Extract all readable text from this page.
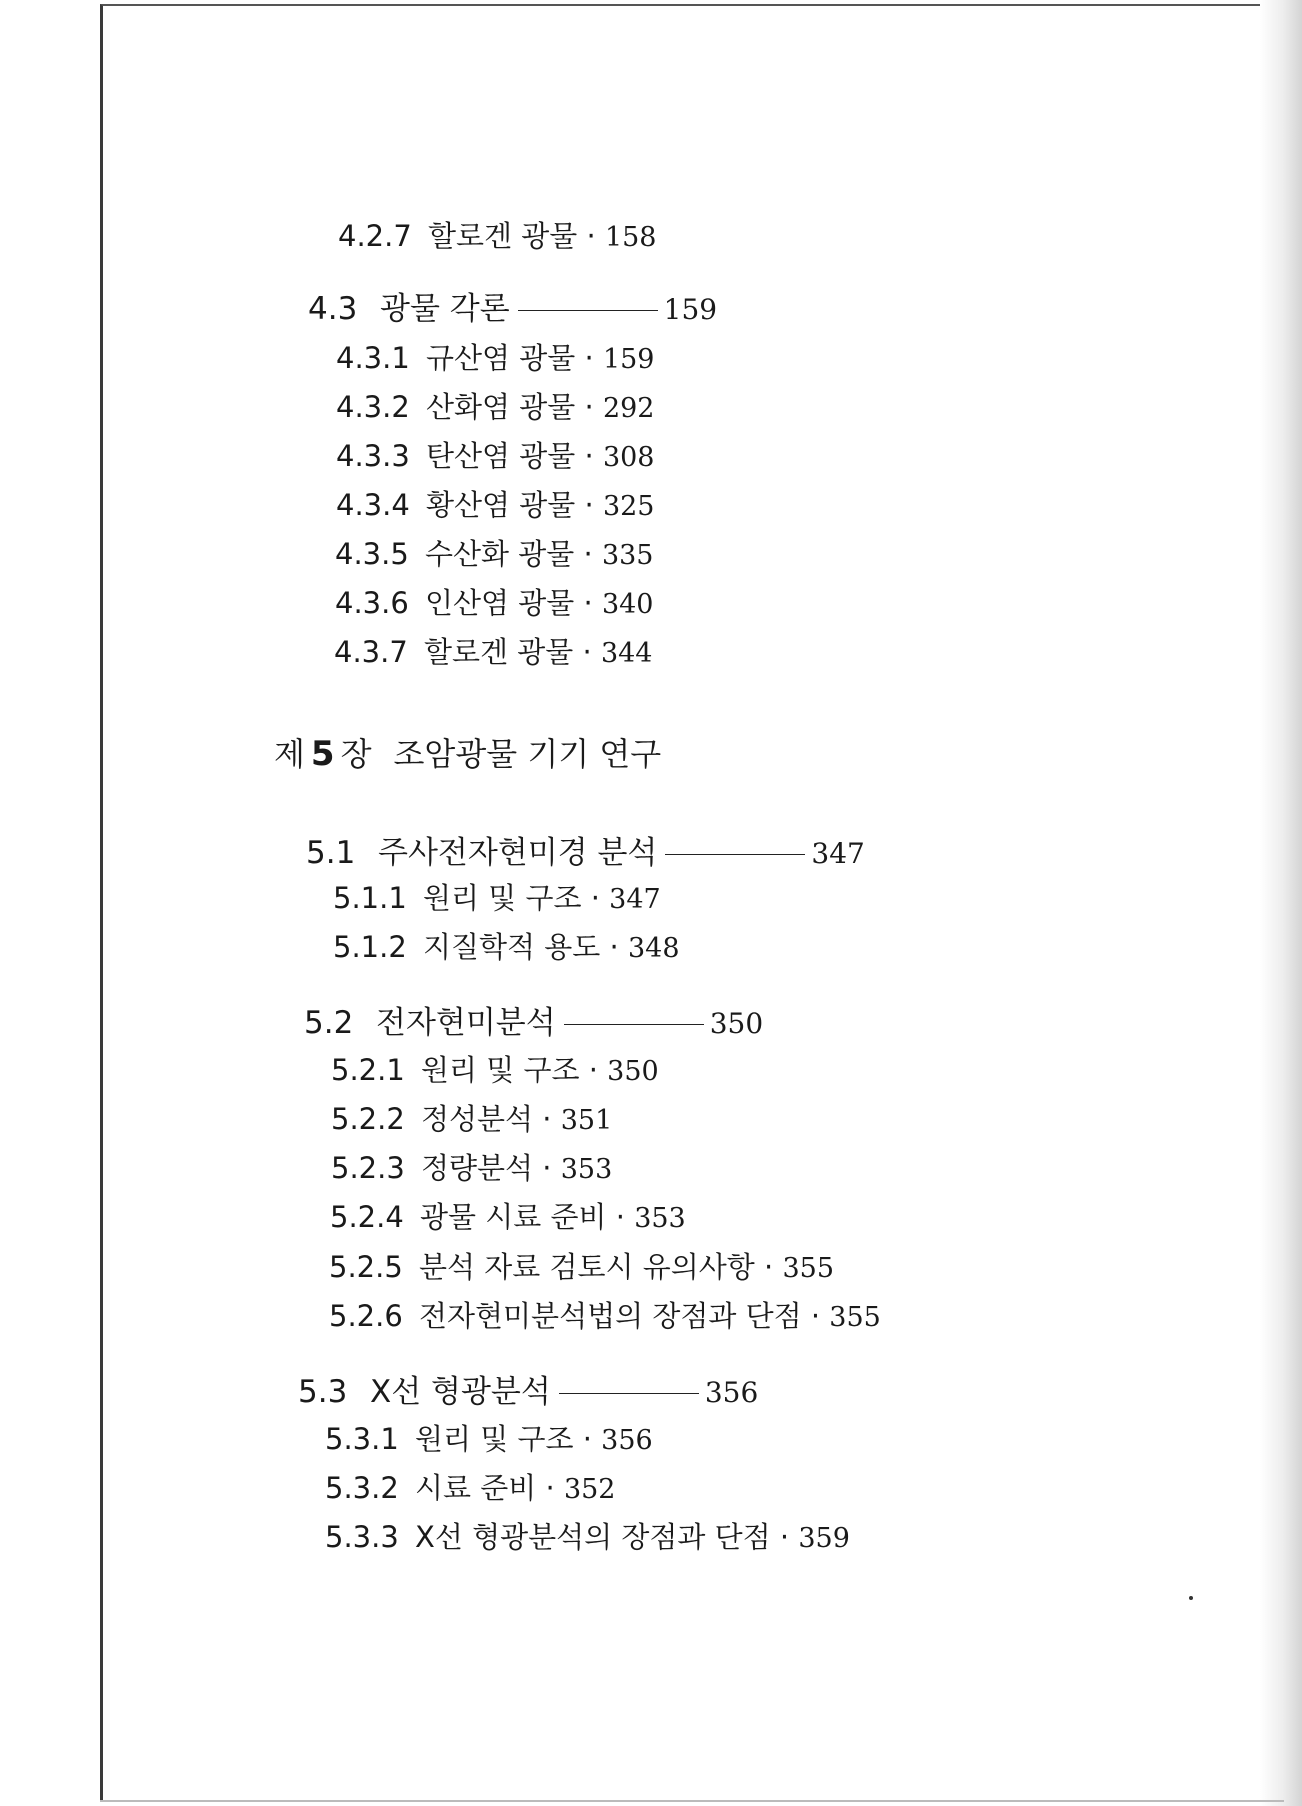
4.2.7 할로겐 광물 · 158
4.3 광물 각론	159
4.3.1 규산염 광물 · 159
4.3.2 산화염 광물 · 292
4.3.3 탄산염 광물 · 308
4.3.4 황산염 광물 · 325
4.3.5 수산화 광물 · 335
4.3.6 인산염 광물 · 340
4.3.7 할로겐 광물 · 344
제 5 장 조암광물 기기 연구
5.1 주사전자현미경 분석	347
5.1.1 원리 및 구조 · 347
5.1.2 지질학적 용도 · 348
5.2 전자현미분석	350
5.2.1 원리 및 구조 · 350
5.2.2 정성분석 · 351
5.2.3 정량분석 · 353
5.2.4 광물 시료 준비 · 353
5.2.5 분석 자료 검토시 유의사항 · 355
5.2.6 전자현미분석법의 장점과 단점 · 355
5.3 X선 형광분석	356
5.3.1 원리 및 구조 · 356
5.3.2 시료 준비 · 352
5.3.3 X선 형광분석의 장점과 단점 · 359
